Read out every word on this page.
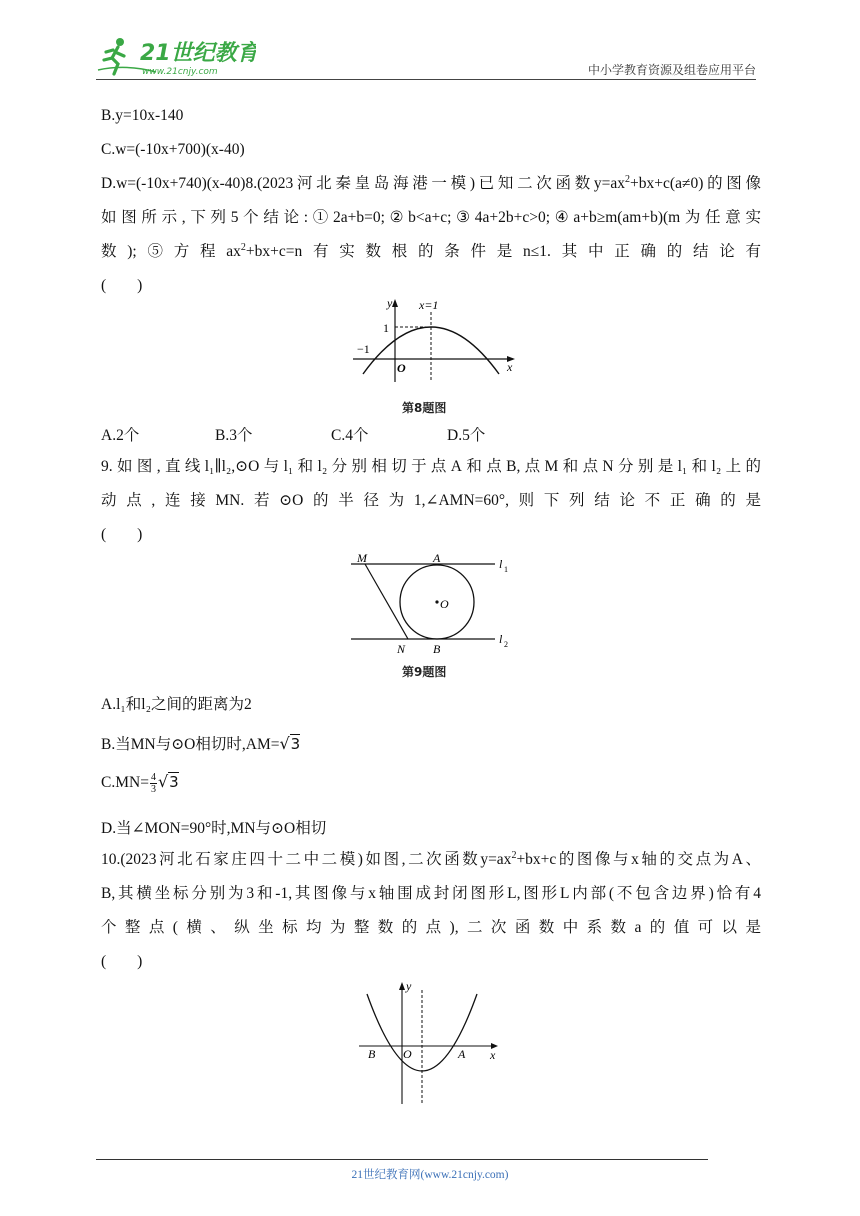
21世纪教育
www.21cnjy.com	中小学教育资源及组卷应用平台
B.y=10x-140
C.w=(-10x+700)(x-40)
D.w=(-10x+740)(x-40)8.(2023河北秦皇岛海港一模)已知二次函数$y=ax^2+bx+c(a\ne 0)$的图像
如图所示,下列5个结论:①2a+b=0;②b<a+c;③4a+2b+c>0;④a+b≥m(am+b)(m为任意实
数);⑤方程$ax^2+bx+c=n$有实数根的条件是n≤1.其中正确的结论有
(　　)
y
x
x=1
1
−1
O
第8题图
A.2个	B.3个	C.4个	D.5个
9.如图,直线l₁∥l₂,⊙O与l₁和l₂分别相切于点A和点B,点M和点N分别是l₁和l₂上的
动点,连接MN.若⊙O的半径为1,∠AMN=60°,则下列结论不正确的是
(　　)
M	A	l 1
O
N B
l 2
第9题图
A.l₁和l₂之间的距离为2
B.当MN与⊙O相切时,AM=√3
$C.MN= \frac{4}{3} √3$
D.当∠MON=90°时,MN与⊙O相切
10.(2023河北石家庄四十二中二模)如图,二次函数$y=ax^2+bx+c$的图像与x轴的交点为A、
B,其横坐标分别为3和-1,其图像与x轴围成封闭图形L,图形L内部(不包含边界)恰有4
个整点(横、纵坐标均为整数的点),二次函数中系数a的值可以是
(　　)
y
x
B O	A
21世纪教育网(www.21cnjy.com)
